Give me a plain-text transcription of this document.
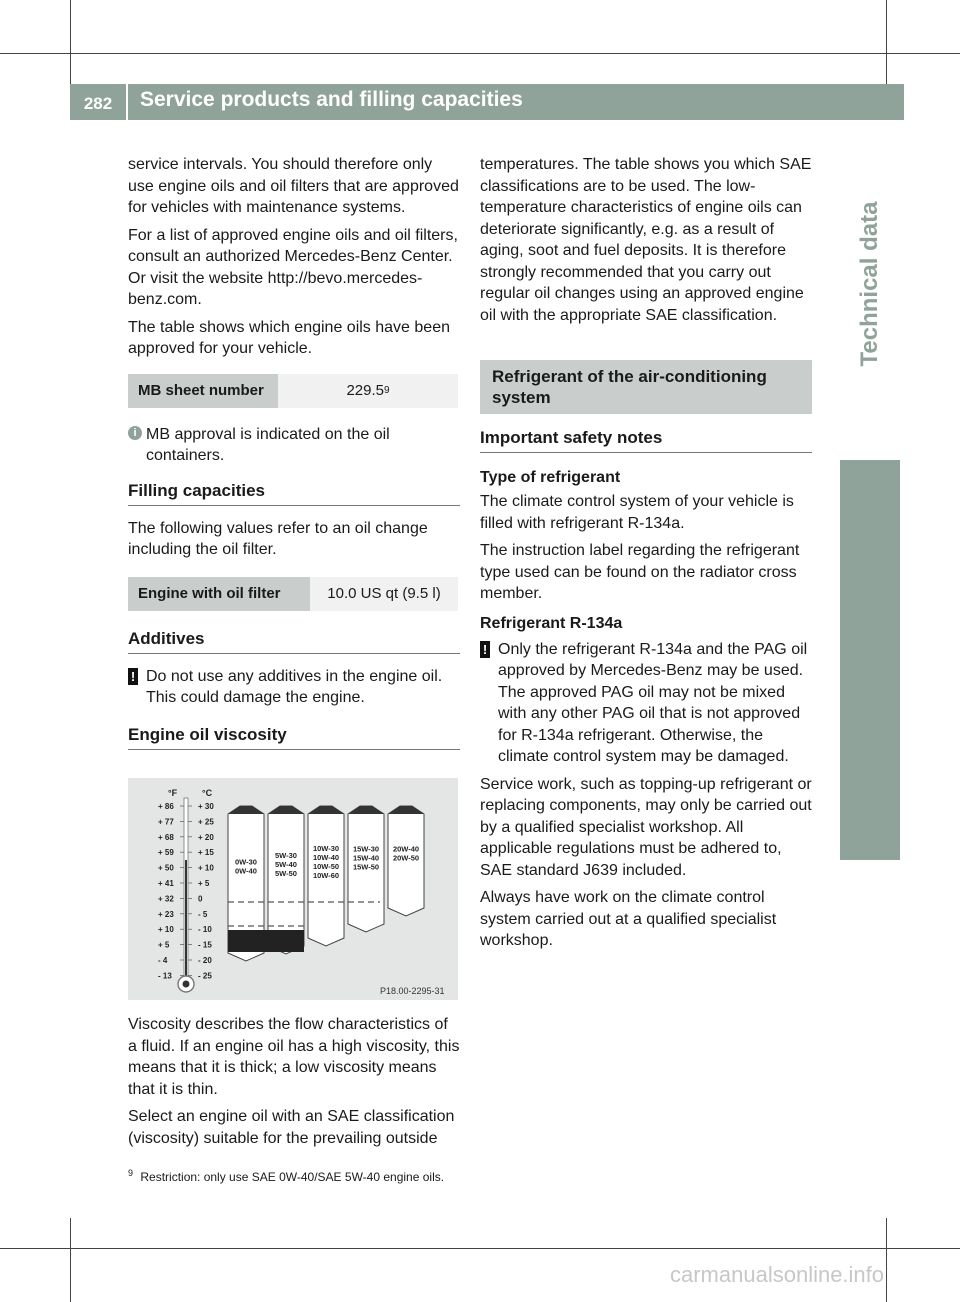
282	Service products and filling capacities
Technical data

service intervals. You should therefore only use engine oils and oil filters that are approved for vehicles with maintenance systems.

For a list of approved engine oils and oil filters, consult an authorized Mercedes-Benz Center. Or visit the website http://bevo.mercedes-benz.com.

The table shows which engine oils have been approved for your vehicle.

MB sheet number	229.5 9
i MB approval is indicated on the oil containers.

Filling capacities

The following values refer to an oil change including the oil filter.

Engine with oil filter	10.0 US qt (9.5 l)

Additives

! Do not use any additives in the engine oil. This could damage the engine.

Engine oil viscosity

°F	°C
+ 86	+ 30
+ 77	+ 25
+ 68	+ 20
+ 59	+ 15
+ 50	+ 10
+ 41	+ 5
+ 32	0
+ 23	- 5
+ 10	- 10
+ 5	- 15
- 4	- 20
- 13	- 25
0W-30
0W-40
5W-30
5W-40
5W-50
10W-30
10W-40
10W-50
10W-60
15W-30
15W-40
15W-50
20W-40
20W-50
P18.00-2295-31

Viscosity describes the flow characteristics of a fluid. If an engine oil has a high viscosity, this means that it is thick; a low viscosity means that it is thin.

Select an engine oil with an SAE classification (viscosity) suitable for the prevailing outside

temperatures. The table shows you which SAE classifications are to be used. The low-temperature characteristics of engine oils can deteriorate significantly, e.g. as a result of aging, soot and fuel deposits. It is therefore strongly recommended that you carry out regular oil changes using an approved engine oil with the appropriate SAE classification.

Refrigerant of the air-conditioning system

Important safety notes

Type of refrigerant

The climate control system of your vehicle is filled with refrigerant R-134a.

The instruction label regarding the refrigerant type used can be found on the radiator cross member.

Refrigerant R-134a

! Only the refrigerant R-134a and the PAG oil approved by Mercedes-Benz may be used. The approved PAG oil may not be mixed with any other PAG oil that is not approved for R-134a refrigerant. Otherwise, the climate control system may be damaged.

Service work, such as topping-up refrigerant or replacing components, may only be carried out by a qualified specialist workshop. All applicable regulations must be adhered to, SAE standard J639 included.

Always have work on the climate control system carried out at a qualified specialist workshop.

$^9$ Restriction: only use SAE 0W-40/SAE 5W-40 engine oils.
carmanualsonline.info
